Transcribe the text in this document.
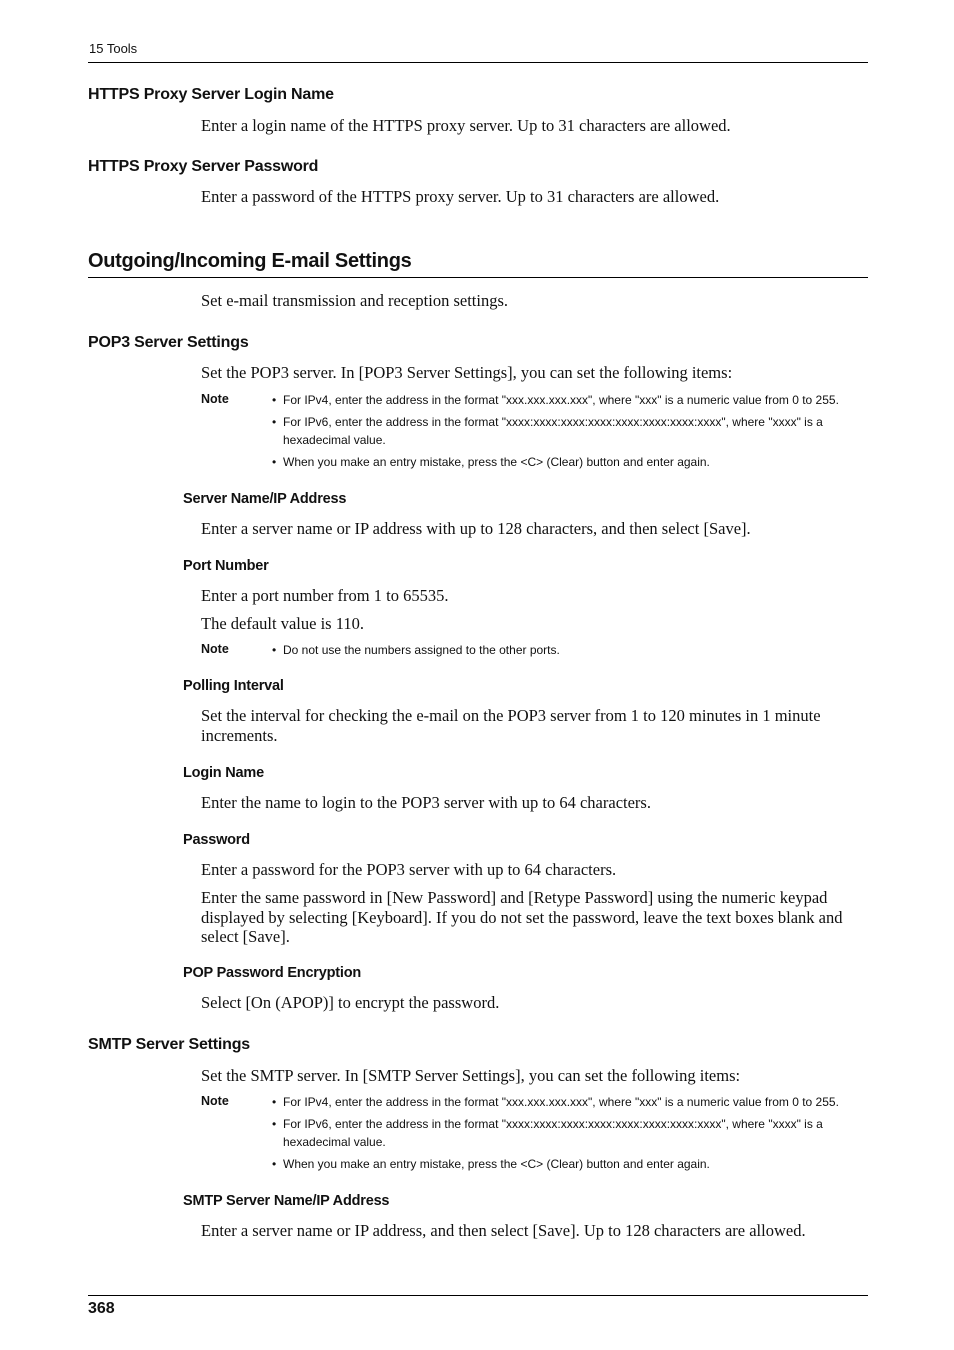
15 Tools
HTTPS Proxy Server Login Name
Enter a login name of the HTTPS proxy server. Up to 31 characters are allowed.
HTTPS Proxy Server Password
Enter a password of the HTTPS proxy server. Up to 31 characters are allowed.
Outgoing/Incoming E-mail Settings
Set e-mail transmission and reception settings.
POP3 Server Settings
Set the POP3 server. In [POP3 Server Settings], you can set the following items:
Note	• For IPv4, enter the address in the format "xxx.xxx.xxx.xxx", where "xxx" is a numeric value from 0 to 255.
• For IPv6, enter the address in the format "xxxx:xxxx:xxxx:xxxx:xxxx:xxxx:xxxx:xxxx", where "xxxx" is a hexadecimal value.
• When you make an entry mistake, press the <C> (Clear) button and enter again.
Server Name/IP Address
Enter a server name or IP address with up to 128 characters, and then select [Save].
Port Number
Enter a port number from 1 to 65535.
The default value is 110.
Note	• Do not use the numbers assigned to the other ports.
Polling Interval
Set the interval for checking the e-mail on the POP3 server from 1 to 120 minutes in 1 minute increments.
Login Name
Enter the name to login to the POP3 server with up to 64 characters.
Password
Enter a password for the POP3 server with up to 64 characters.
Enter the same password in [New Password] and [Retype Password] using the numeric keypad displayed by selecting [Keyboard]. If you do not set the password, leave the text boxes blank and select [Save].
POP Password Encryption
Select [On (APOP)] to encrypt the password.
SMTP Server Settings
Set the SMTP server. In [SMTP Server Settings], you can set the following items:
Note	• For IPv4, enter the address in the format "xxx.xxx.xxx.xxx", where "xxx" is a numeric value from 0 to 255.
• For IPv6, enter the address in the format "xxxx:xxxx:xxxx:xxxx:xxxx:xxxx:xxxx:xxxx", where "xxxx" is a hexadecimal value.
• When you make an entry mistake, press the <C> (Clear) button and enter again.
SMTP Server Name/IP Address
Enter a server name or IP address, and then select [Save]. Up to 128 characters are allowed.
368
